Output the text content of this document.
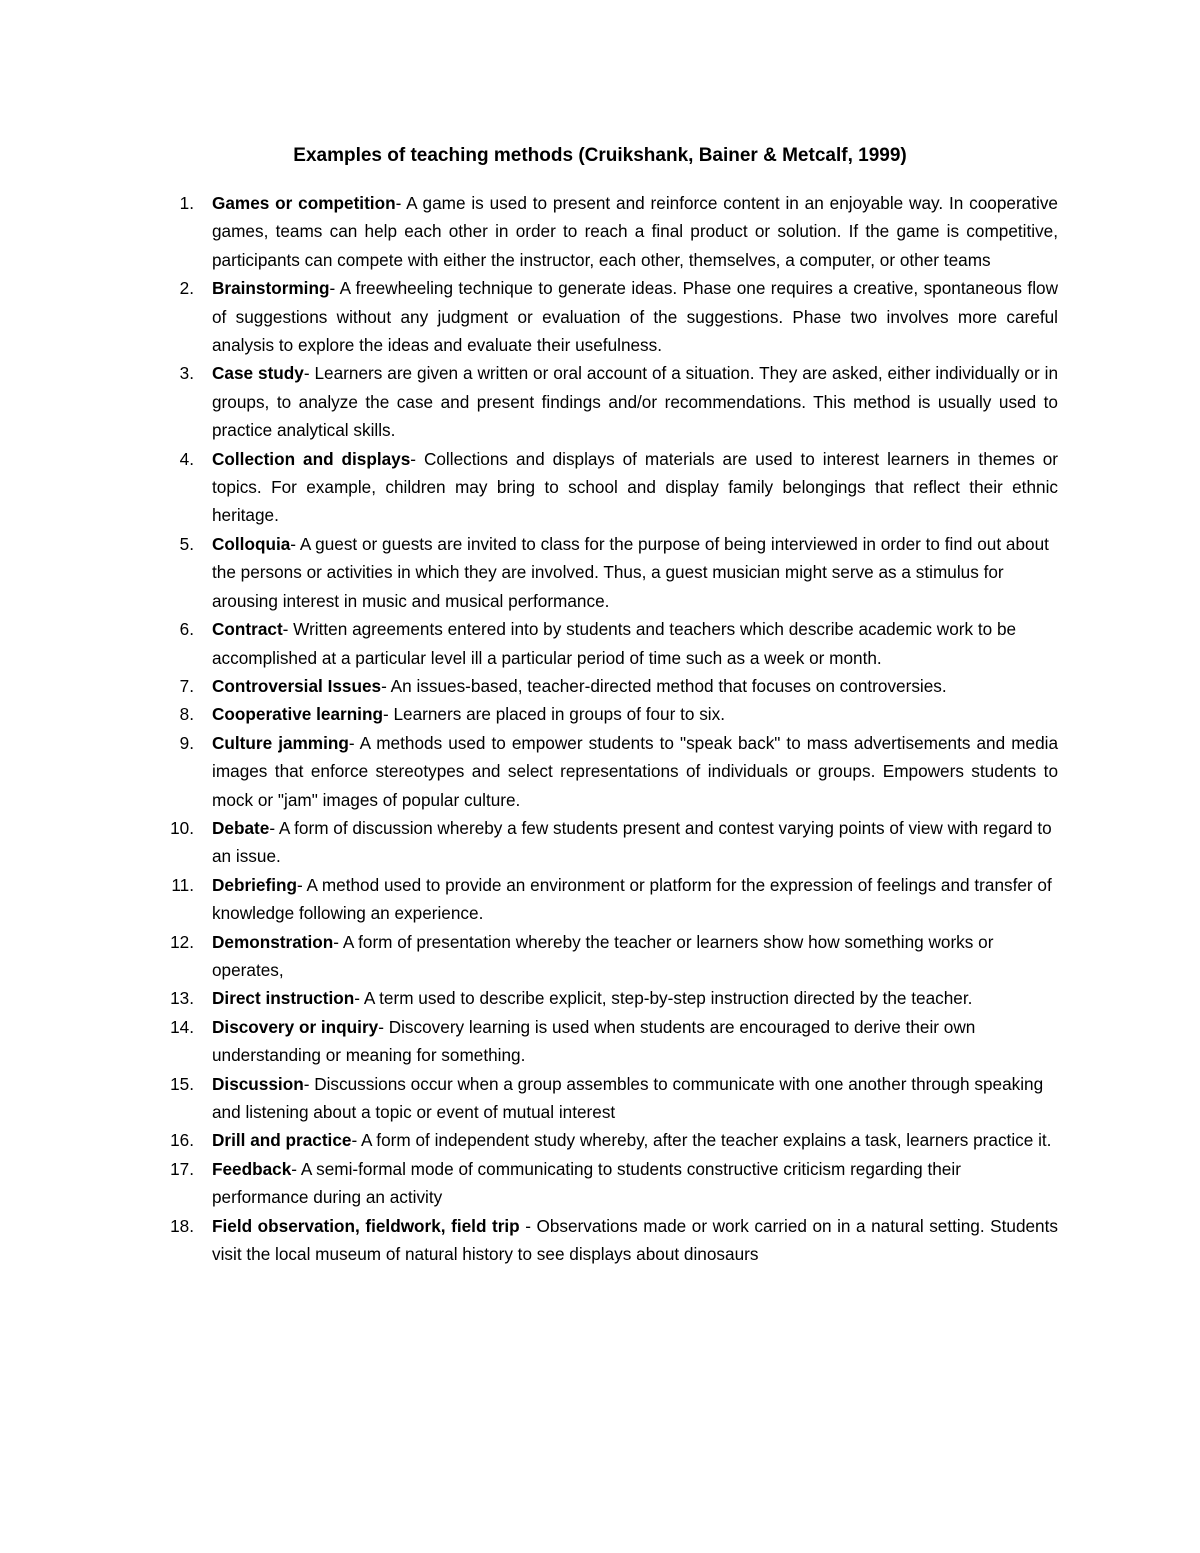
Examples of teaching methods (Cruikshank, Bainer & Metcalf, 1999)
1. Games or competition- A game is used to present and reinforce content in an enjoyable way. In cooperative games, teams can help each other in order to reach a final product or solution. If the game is competitive, participants can compete with either the instructor, each other, themselves, a computer, or other teams
2. Brainstorming- A freewheeling technique to generate ideas. Phase one requires a creative, spontaneous flow of suggestions without any judgment or evaluation of the suggestions. Phase two involves more careful analysis to explore the ideas and evaluate their usefulness.
3. Case study- Learners are given a written or oral account of a situation. They are asked, either individually or in groups, to analyze the case and present findings and/or recommendations. This method is usually used to practice analytical skills.
4. Collection and displays- Collections and displays of materials are used to interest learners in themes or topics. For example, children may bring to school and display family belongings that reflect their ethnic heritage.
5. Colloquia- A guest or guests are invited to class for the purpose of being interviewed in order to find out about the persons or activities in which they are involved. Thus, a guest musician might serve as a stimulus for arousing interest in music and musical performance.
6. Contract- Written agreements entered into by students and teachers which describe academic work to be accomplished at a particular level ill a particular period of time such as a week or month.
7. Controversial Issues- An issues-based, teacher-directed method that focuses on controversies.
8. Cooperative learning- Learners are placed in groups of four to six.
9. Culture jamming- A methods used to empower students to "speak back" to mass advertisements and media images that enforce stereotypes and select representations of individuals or groups. Empowers students to mock or "jam" images of popular culture.
10. Debate- A form of discussion whereby a few students present and contest varying points of view with regard to an issue.
11. Debriefing- A method used to provide an environment or platform for the expression of feelings and transfer of knowledge following an experience.
12. Demonstration- A form of presentation whereby the teacher or learners show how something works or operates,
13. Direct instruction- A term used to describe explicit, step-by-step instruction directed by the teacher.
14. Discovery or inquiry- Discovery learning is used when students are encouraged to derive their own understanding or meaning for something.
15. Discussion- Discussions occur when a group assembles to communicate with one another through speaking and listening about a topic or event of mutual interest
16. Drill and practice- A form of independent study whereby, after the teacher explains a task, learners practice it.
17. Feedback- A semi-formal mode of communicating to students constructive criticism regarding their performance during an activity
18. Field observation, fieldwork, field trip - Observations made or work carried on in a natural setting. Students visit the local museum of natural history to see displays about dinosaurs
